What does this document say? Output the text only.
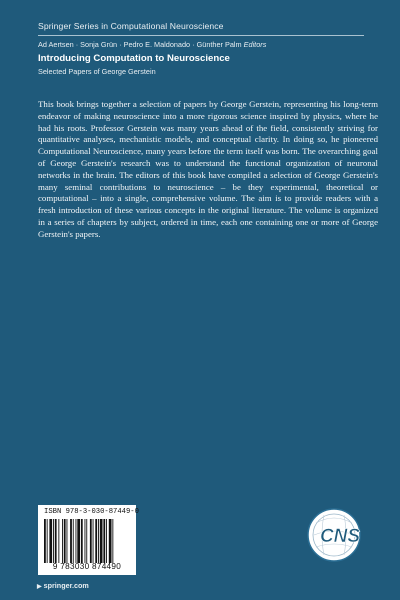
Springer Series in Computational Neuroscience
Ad Aertsen · Sonja Grün · Pedro E. Maldonado · Günther Palm Editors
Introducing Computation to Neuroscience
Selected Papers of George Gerstein
This book brings together a selection of papers by George Gerstein, representing his long-term endeavor of making neuroscience into a more rigorous science inspired by physics, where he had his roots. Professor Gerstein was many years ahead of the field, consistently striving for quantitative analyses, mechanistic models, and conceptual clarity. In doing so, he pioneered Computational Neuroscience, many years before the term itself was born. The overarching goal of George Gerstein's research was to understand the functional organization of neuronal networks in the brain. The editors of this book have compiled a selection of George Gerstein's many seminal contributions to neuroscience – be they experimental, theoretical or computational – into a single, comprehensive volume. The aim is to provide readers with a fresh introduction of these various concepts in the original literature. The volume is organized in a series of chapters by subject, ordered in time, each one containing one or more of George Gerstein's papers.
ISBN 978-3-030-87449-0
9 783030 874490
CNS
▶ springer.com
